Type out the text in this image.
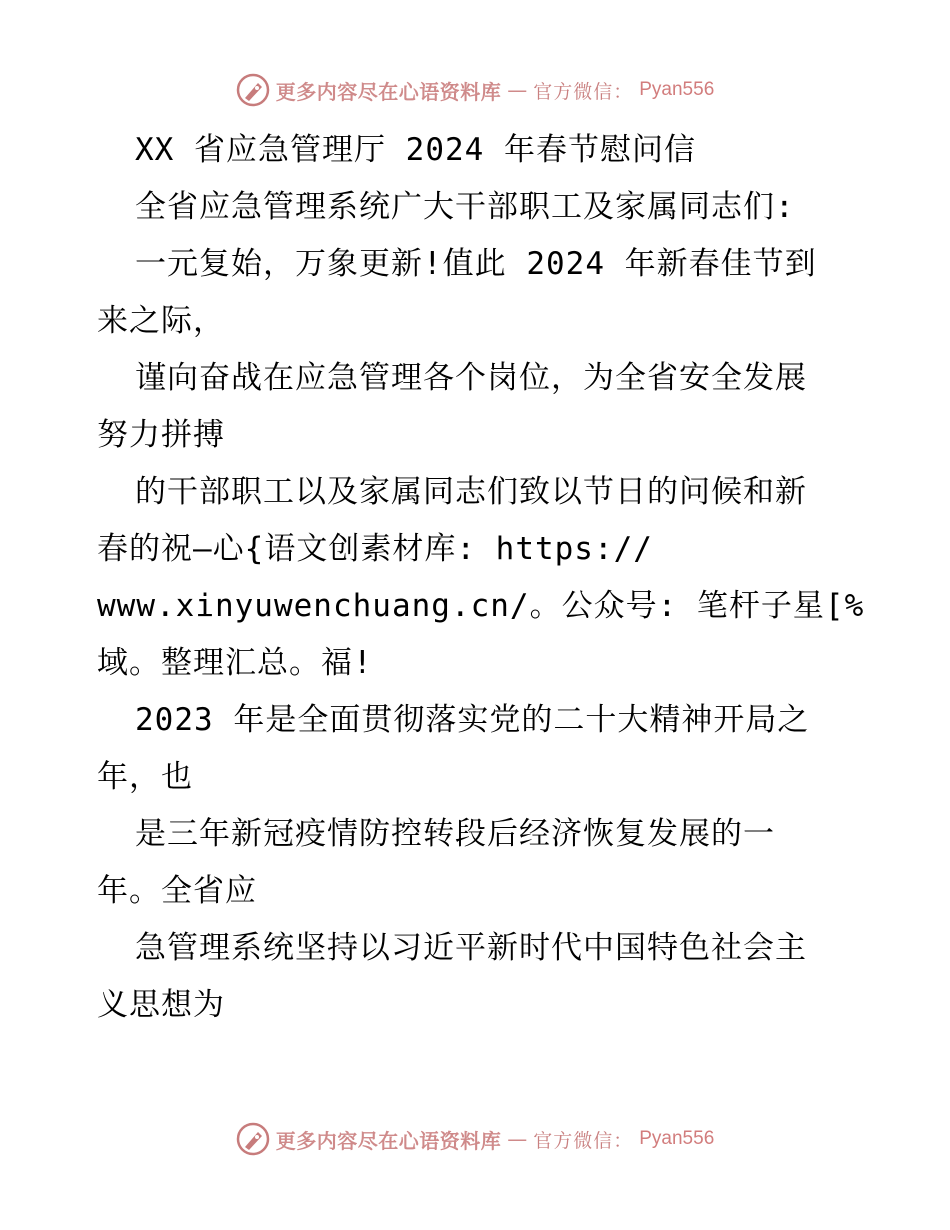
更多内容尽在心语资料库 — 官方微信： Pyan556
XX 省应急管理厅 2024 年春节慰问信
全省应急管理系统广大干部职工及家属同志们:
一元复始，万象更新!值此 2024 年新春佳节到
来之际，
谨向奋战在应急管理各个岗位，为全省安全发展
努力拼搏
的干部职工以及家属同志们致以节日的问候和新
春的祝—心{语文创素材库: https://
www.xinyuwenchuang.cn/。公众号: 笔杆子星[%
域。整理汇总。福!
2023 年是全面贯彻落实党的二十大精神开局之
年，也
是三年新冠疫情防控转段后经济恢复发展的一
年。全省应
急管理系统坚持以习近平新时代中国特色社会主
义思想为
更多内容尽在心语资料库 — 官方微信： Pyan556
